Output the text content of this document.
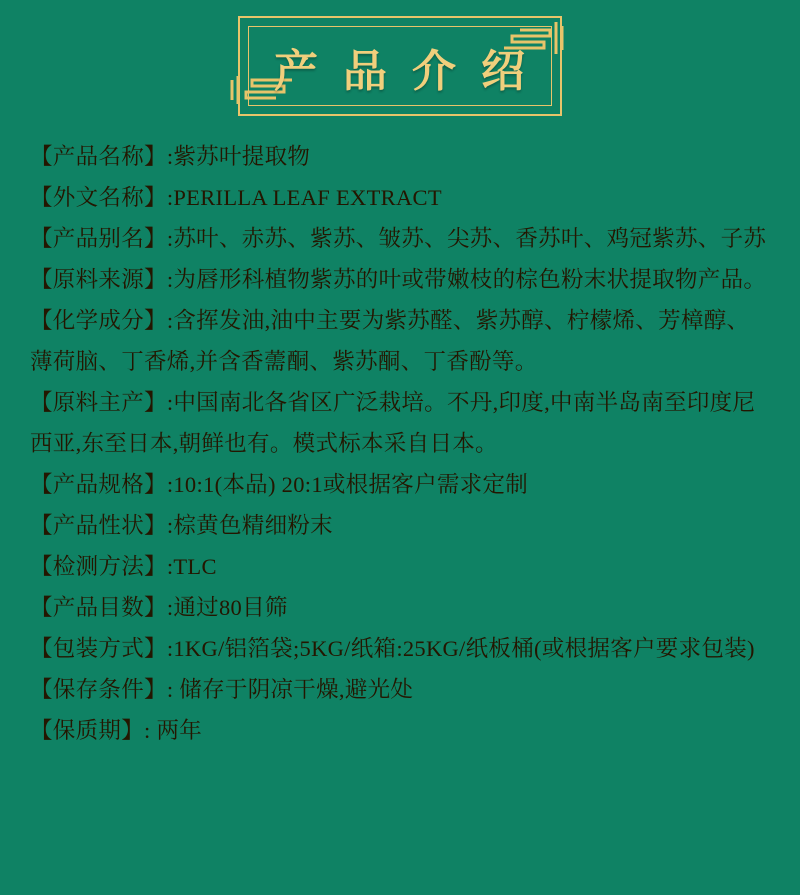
产 品 介 绍
【产品名称】:紫苏叶提取物
【外文名称】:PERILLA LEAF EXTRACT
【产品别名】:苏叶、赤苏、紫苏、皱苏、尖苏、香苏叶、鸡冠紫苏、子苏
【原料来源】:为唇形科植物紫苏的叶或带嫩枝的棕色粉末状提取物产品。
【化学成分】:含挥发油,油中主要为紫苏醛、紫苏醇、柠檬烯、芳樟醇、薄荷脑、丁香烯,并含香薷酮、紫苏酮、丁香酚等。
【原料主产】:中国南北各省区广泛栽培。不丹,印度,中南半岛南至印度尼西亚,东至日本,朝鲜也有。模式标本采自日本。
【产品规格】:10:1(本品) 20:1或根据客户需求定制
【产品性状】:棕黄色精细粉末
【检测方法】:TLC
【产品目数】:通过80目筛
【包装方式】:1KG/铝箔袋;5KG/纸箱:25KG/纸板桶(或根据客户要求包装)
【保存条件】: 储存于阴凉干燥,避光处
【保质期】: 两年
